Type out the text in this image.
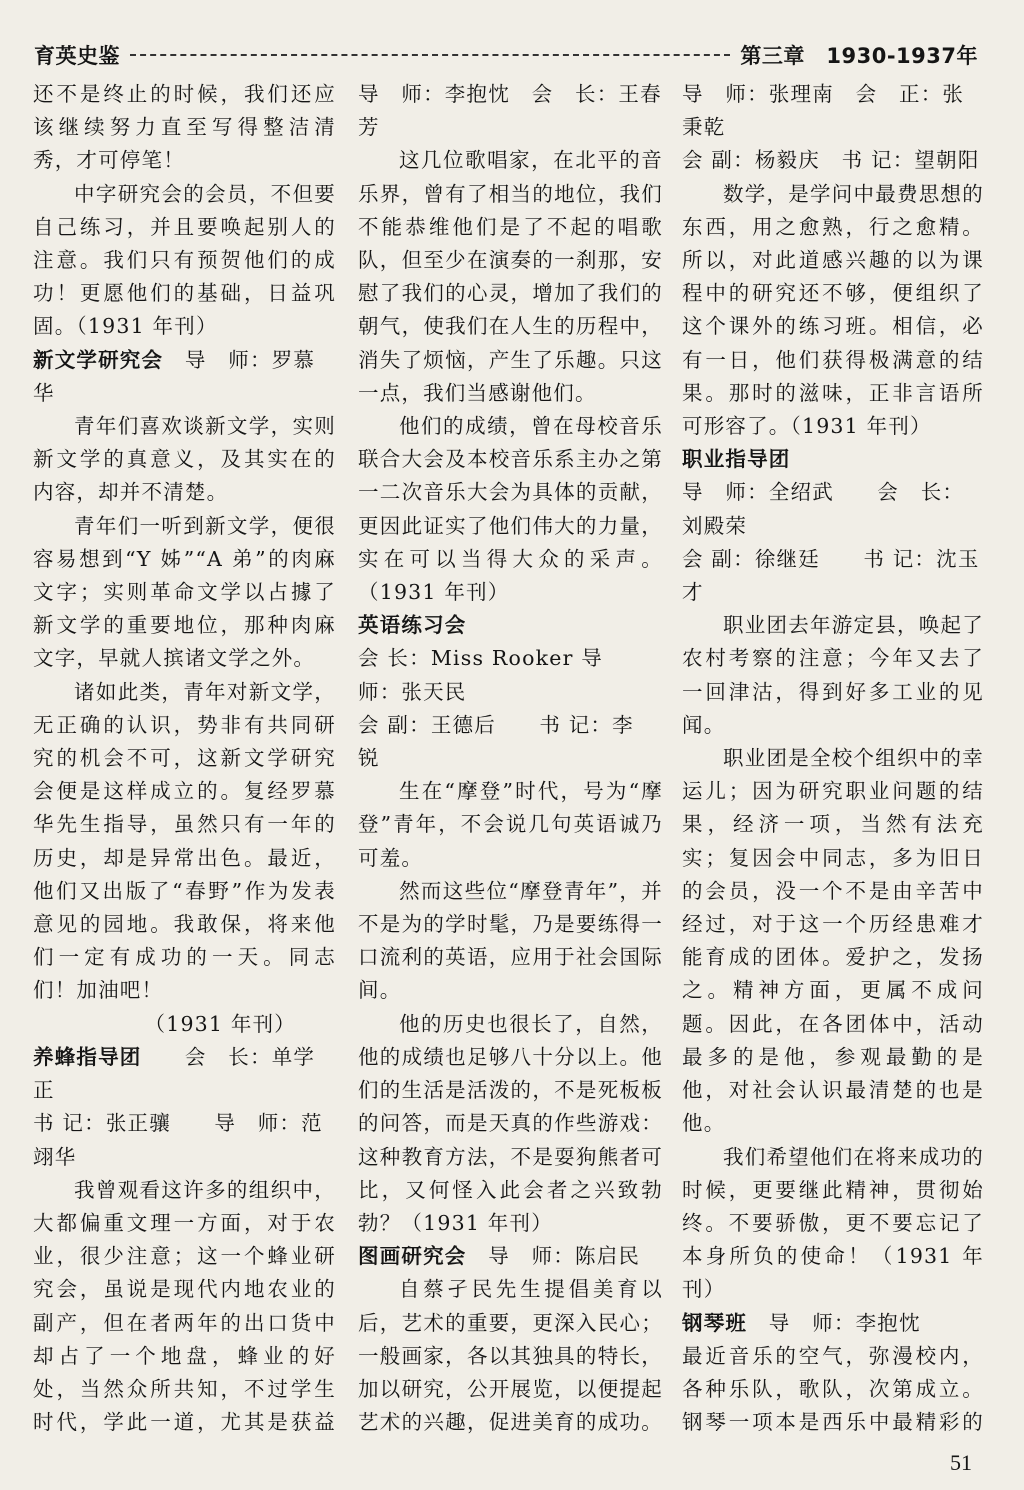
育英史鉴	第三章　1930-1937年

还不是终止的时候，我们还应该继续努力直至写得整洁清秀，才可停笔！

中字研究会的会员，不但要自己练习，并且要唤起别人的注意。我们只有预贺他们的成功！更愿他们的基础，日益巩固。（1931 年刊）

新文学研究会　导　师：罗慕华

青年们喜欢谈新文学，实则新文学的真意义，及其实在的内容，却并不清楚。

青年们一听到新文学，便很容易想到“Y 姊”“A 弟”的肉麻文字；实则革命文学以占據了新文学的重要地位，那种肉麻文字，早就人摈诸文学之外。

诸如此类，青年对新文学，无正确的认识，势非有共同研究的机会不可，这新文学研究会便是这样成立的。复经罗慕华先生指导，虽然只有一年的历史，却是异常出色。最近，他们又出版了“春野”作为发表意见的园地。我敢保，将来他们一定有成功的一天。同志们！加油吧！

（1931 年刊）
养蜂指导团　　会　长：单学正
书 记：张正骧　　导　师：范翊华

我曾观看这许多的组织中，大都偏重文理一方面，对于农业，很少注意；这一个蜂业研究会，虽说是现代内地农业的副产，但在者两年的出口货中却占了一个地盘，蜂业的好处，当然众所共知，不过学生时代，学此一道，尤其是获益

导　师：李抱忱　会　长：王春芳

这几位歌唱家，在北平的音乐界，曾有了相当的地位，我们不能恭维他们是了不起的唱歌队，但至少在演奏的一刹那，安慰了我们的心灵，增加了我们的朝气，使我们在人生的历程中，消失了烦恼，产生了乐趣。只这一点，我们当感谢他们。

他们的成绩，曾在母校音乐联合大会及本校音乐系主办之第一二次音乐大会为具体的贡献，更因此证实了他们伟大的力量，实在可以当得大众的采声。（1931 年刊）

英语练习会
会 长：Miss Rooker 导　师：张天民
会 副：王德后　　书 记：李　锐

生在“摩登”时代，号为“摩登”青年，不会说几句英语诚乃可羞。

然而这些位“摩登青年”，并不是为的学时髦，乃是要练得一口流利的英语，应用于社会国际间。

他的历史也很长了，自然，他的成绩也足够八十分以上。他们的生活是活泼的，不是死板板的问答，而是天真的作些游戏：这种教育方法，不是耍狗熊者可比，又何怪入此会者之兴致勃勃？（1931 年刊）

图画研究会　导　师：陈启民

自蔡孑民先生提倡美育以后，艺术的重要，更深入民心；一般画家，各以其独具的特长，加以研究，公开展览，以便提起艺术的兴趣，促进美育的成功。

导　师：张理南　会　正：张秉乾
会 副：杨毅庆　书 记：望朝阳

数学，是学问中最费思想的东西，用之愈熟，行之愈精。所以，对此道感兴趣的以为课程中的研究还不够，便组织了这个课外的练习班。相信，必有一日，他们获得极满意的结果。那时的滋味，正非言语所可形容了。（1931 年刊）

职业指导团
导　师：全绍武　　会　长：刘殿荣
会 副：徐继廷　　书 记：沈玉才

职业团去年游定县，唤起了农村考察的注意；今年又去了一回津沽，得到好多工业的见闻。

职业团是全校个组织中的幸运儿；因为研究职业问题的结果，经济一项，当然有法充实；复因会中同志，多为旧日的会员，没一个不是由辛苦中经过，对于这一个历经患难才能育成的团体。爱护之，发扬之。精神方面，更属不成问题。因此，在各团体中，活动最多的是他，参观最勤的是他，对社会认识最清楚的也是他。

我们希望他们在将来成功的时候，更要继此精神，贯彻始终。不要骄傲，更不要忘记了本身所负的使命！（1931 年刊）

钢琴班　导　师：李抱忱

最近音乐的空气，弥漫校内，各种乐队，歌队，次第成立。钢琴一项本是西乐中最精彩的　

51
